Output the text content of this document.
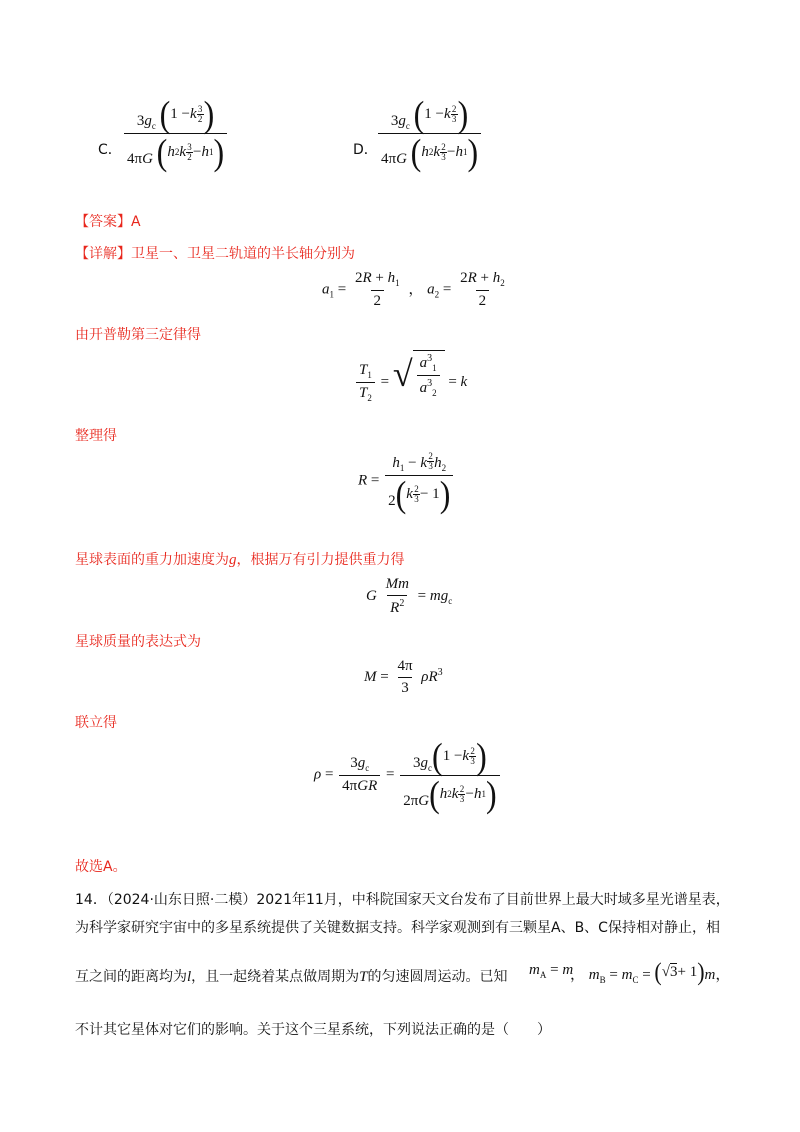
C． $3g_c$ ( 1 − k 3
2 )
4πG ( h 2 k 3
2 − h 1 )	D． $3g_c$ ( 1 − k 2
3 )
4πG ( h 2 k 2
3 − h 1 )
【答案】A
【详解】卫星一、卫星二轨道的半长轴分别为
$a_1 = \frac{2R + h_1}{2}$ ， $a_2 = \frac{2R + h_2}{2}$
由开普勒第三定律得
$\frac{T_1}{T_2}$ = √ $\frac{a^3_1}{a^3_2} = k$
整理得
$R = h_1 - k \frac{2}{3} h_2$
2 ( k 2
3 − 1 )
星球表面的重力加速度为g，根据万有引力提供重力得
G $\frac{Mm}{R^2} = mg_c$
星球质量的表达式为
$M = \frac{4\pi}{3} \rho R^3$
联立得
$\rho = \frac{3g_c}{\text{4πGR}} = 3g_c$ ( 1 − k 2
3 )
2πG ( h 2 k 2
3 − h 1 )
故选A。
14．（2024·山东日照·二模）2021年11月，中科院国家天文台发布了目前世界上最大时域多星光谱星表，
为科学家研究宇宙中的多星系统提供了关键数据支持。科学家观测到有三颗星A、B、C保持相对静止，相
互之间的距离均为l，且一起绕着某点做周期为T的匀速圆周运动。已知 $m_A = m$
， $m_B = m_C$ = ( √ 3 + 1 ) m，
不计其它星体对它们的影响。关于这个三星系统，下列说法正确的是（　　）
